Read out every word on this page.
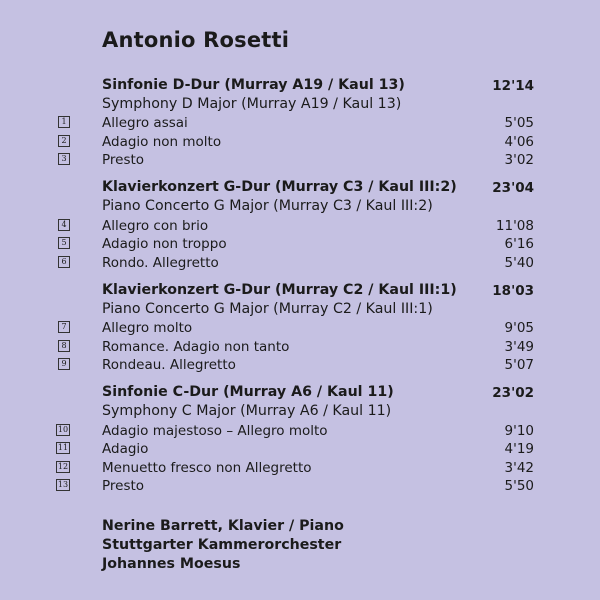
Antonio Rosetti
Sinfonie D-Dur (Murray A19 / Kaul 13)	12'14
Symphony D Major (Murray A19 / Kaul 13)
1	Allegro assai	5'05
2	Adagio non molto	4'06
3	Presto	3'02
Klavierkonzert G-Dur (Murray C3 / Kaul III:2)	23'04
Piano Concerto G Major (Murray C3 / Kaul III:2)
4	Allegro con brio	11'08
5	Adagio non troppo	6'16
6	Rondo. Allegretto	5'40
Klavierkonzert G-Dur (Murray C2 / Kaul III:1)	18'03
Piano Concerto G Major (Murray C2 / Kaul III:1)
7	Allegro molto	9'05
8	Romance. Adagio non tanto	3'49
9	Rondeau. Allegretto	5'07
Sinfonie C-Dur (Murray A6 / Kaul 11)	23'02
Symphony C Major (Murray A6 / Kaul 11)
10	Adagio majestoso – Allegro molto	9'10
11	Adagio	4'19
12	Menuetto fresco non Allegretto	3'42
13	Presto	5'50
Nerine Barrett, Klavier / Piano
Stuttgarter Kammerorchester
Johannes Moesus
